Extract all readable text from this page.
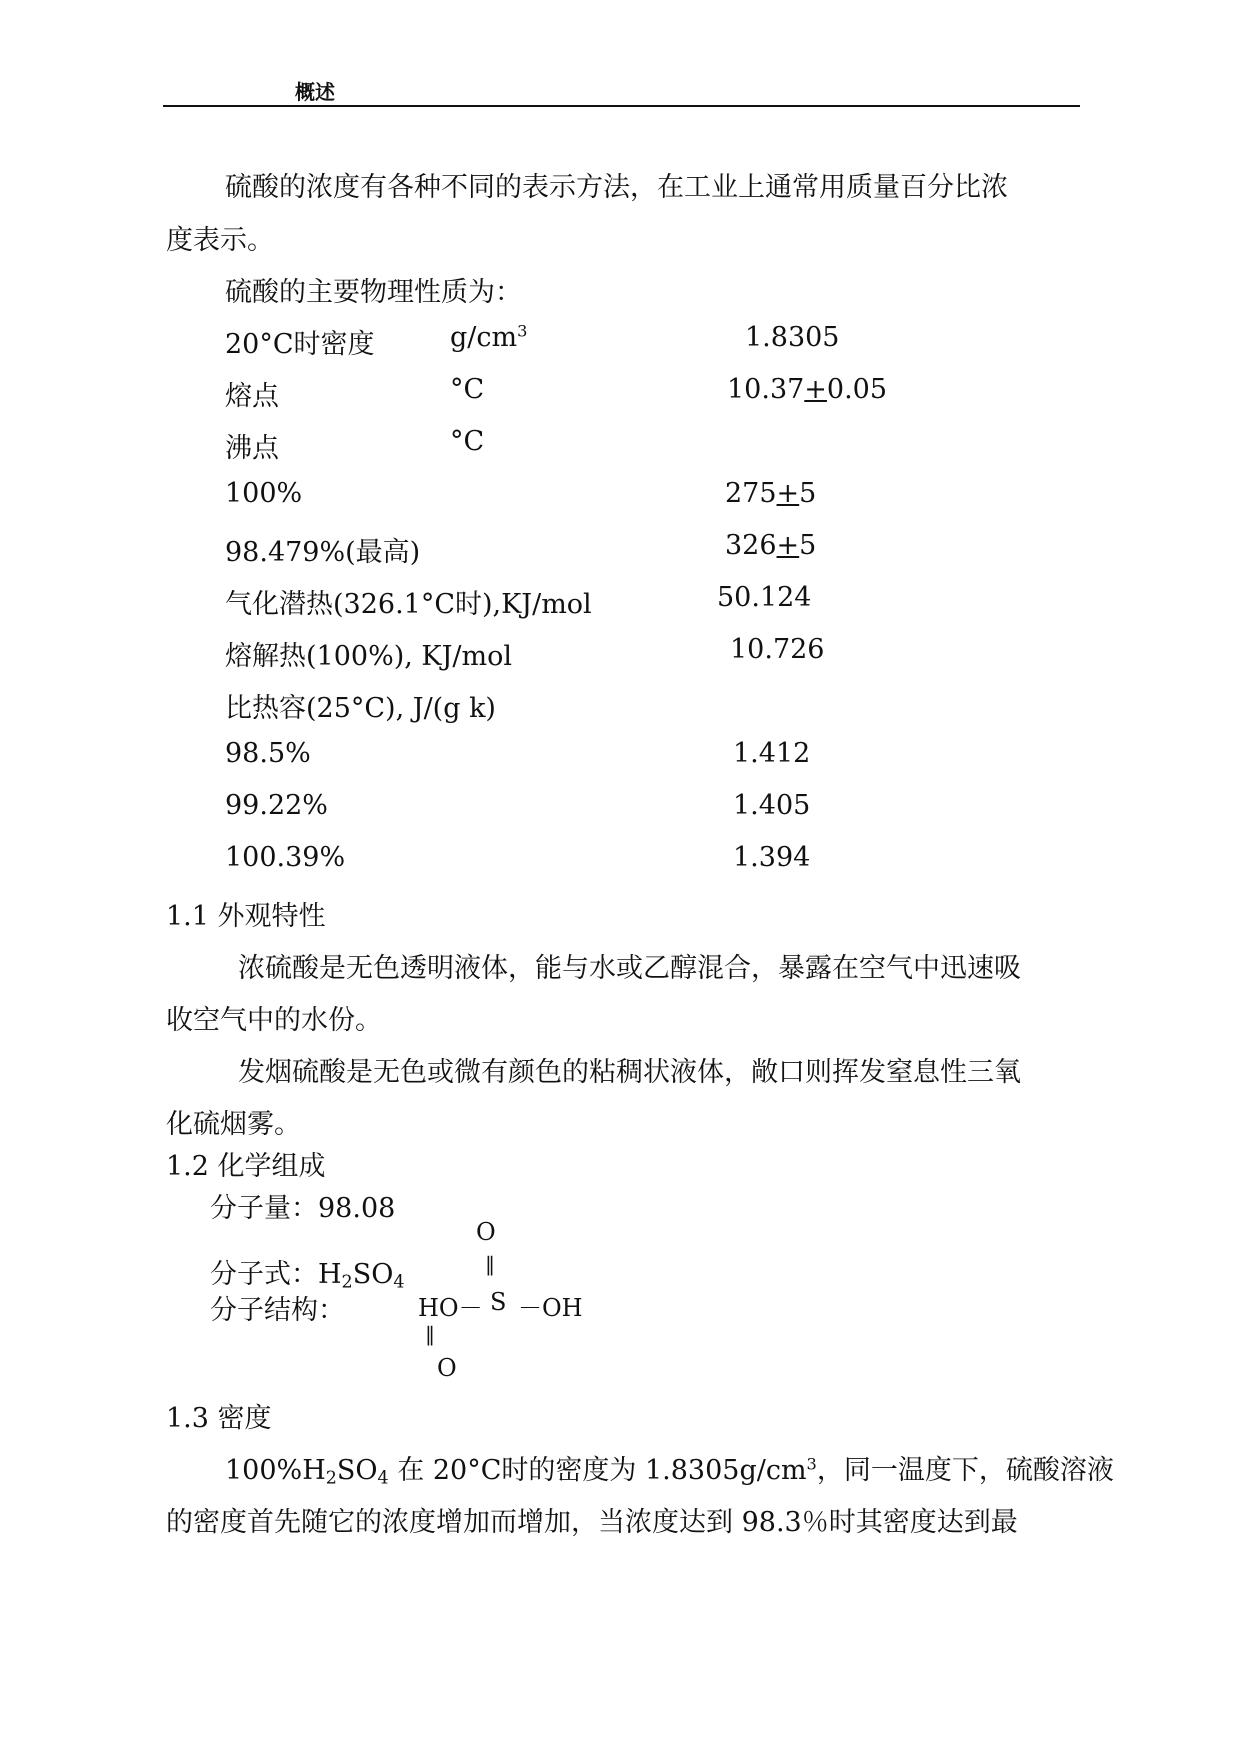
概述
硫酸的浓度有各种不同的表示方法，在工业上通常用质量百分比浓
度表示。
硫酸的主要物理性质为：
20°C时密度	$g/cm^3$	1.8305
熔点	°C	10.37+0.05
沸点	°C
100%	275+5
98.479%(最高)	326+5
气化潜热(326.1°C时),KJ/mol	50.124
熔解热(100%), KJ/mol	10.726
比热容(25°C), J/(g k)
98.5%	1.412
99.22%	1.405
100.39%	1.394
1.1 外观特性
浓硫酸是无色透明液体，能与水或乙醇混合，暴露在空气中迅速吸
收空气中的水份。
发烟硫酸是无色或微有颜色的粘稠状液体，敞口则挥发窒息性三氧
化硫烟雾。
1.2 化学组成
分子量：98.08
分子式：$H_2SO_4$
分子结构：
O
‖
HO－ S －OH
‖
O
1.3 密度
$100\%H_2SO_4$ 在 20°C时的密度为 $1.8305g/cm^3$，同一温度下，硫酸溶液
的密度首先随它的浓度增加而增加，当浓度达到 98.3％时其密度达到最
